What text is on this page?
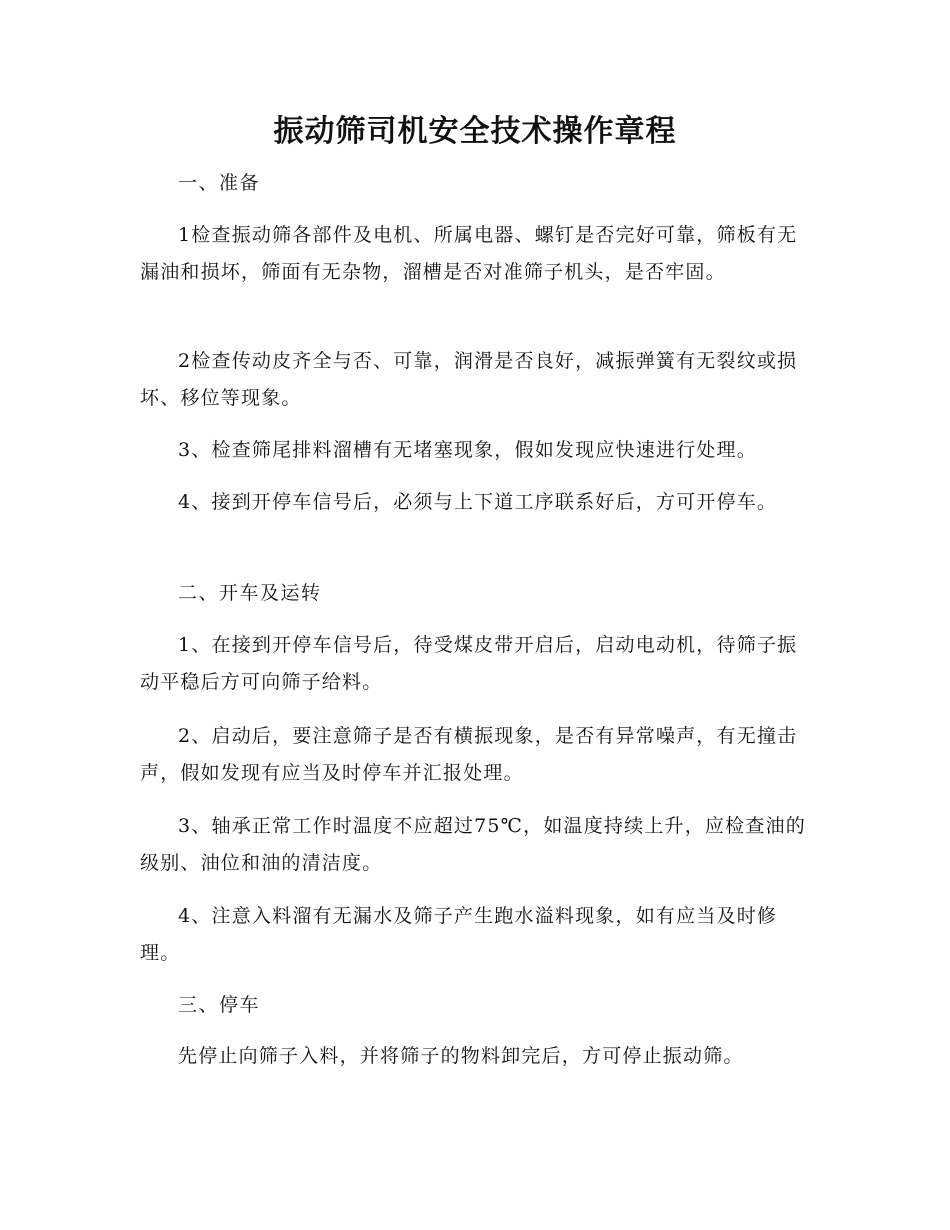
振动筛司机安全技术操作章程

一、准备

1检查振动筛各部件及电机、所属电器、螺钉是否完好可靠，筛板有无漏油和损坏，筛面有无杂物，溜槽是否对准筛子机头，是否牢固。

2检查传动皮齐全与否、可靠，润滑是否良好，减振弹簧有无裂纹或损坏、移位等现象。

3、检查筛尾排料溜槽有无堵塞现象，假如发现应快速进行处理。

4、接到开停车信号后，必须与上下道工序联系好后，方可开停车。

二、开车及运转

1、在接到开停车信号后，待受煤皮带开启后，启动电动机，待筛子振动平稳后方可向筛子给料。

2、启动后，要注意筛子是否有横振现象，是否有异常噪声，有无撞击声，假如发现有应当及时停车并汇报处理。

3、轴承正常工作时温度不应超过75℃，如温度持续上升，应检查油的级别、油位和油的清洁度。

4、注意入料溜有无漏水及筛子产生跑水溢料现象，如有应当及时修理。

三、停车

先停止向筛子入料，并将筛子的物料卸完后，方可停止振动筛。
